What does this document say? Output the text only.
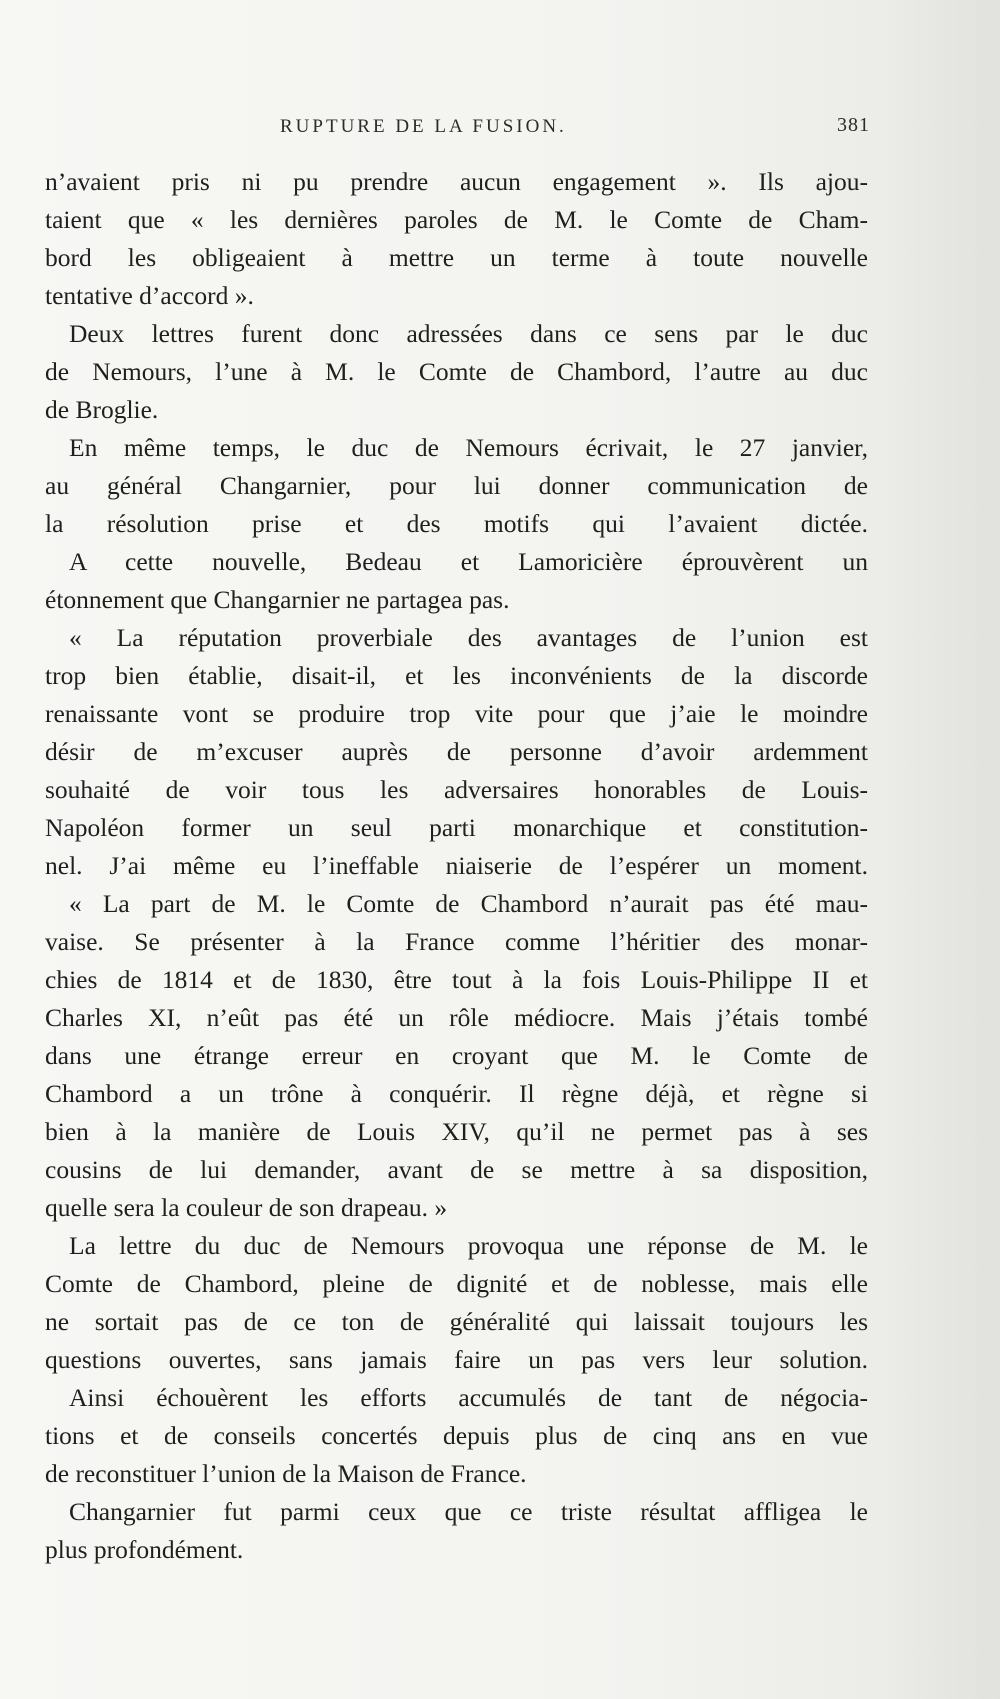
RUPTURE DE LA FUSION.	381
n’avaient pris ni pu prendre aucun engagement ». Ils ajou-
taient que « les dernières paroles de M. le Comte de Cham-
bord les obligeaient à mettre un terme à toute nouvelle
tentative d’accord ».
Deux lettres furent donc adressées dans ce sens par le duc
de Nemours, l’une à M. le Comte de Chambord, l’autre au duc
de Broglie.
En même temps, le duc de Nemours écrivait, le 27 janvier,
au général Changarnier, pour lui donner communication de
la résolution prise et des motifs qui l’avaient dictée.
A cette nouvelle, Bedeau et Lamoricière éprouvèrent un
étonnement que Changarnier ne partagea pas.
« La réputation proverbiale des avantages de l’union est
trop bien établie, disait-il, et les inconvénients de la discorde
renaissante vont se produire trop vite pour que j’aie le moindre
désir de m’excuser auprès de personne d’avoir ardemment
souhaité de voir tous les adversaires honorables de Louis-
Napoléon former un seul parti monarchique et constitution-
nel. J’ai même eu l’ineffable niaiserie de l’espérer un moment.
« La part de M. le Comte de Chambord n’aurait pas été mau-
vaise. Se présenter à la France comme l’héritier des monar-
chies de 1814 et de 1830, être tout à la fois Louis-Philippe II et
Charles XI, n’eût pas été un rôle médiocre. Mais j’étais tombé
dans une étrange erreur en croyant que M. le Comte de
Chambord a un trône à conquérir. Il règne déjà, et règne si
bien à la manière de Louis XIV, qu’il ne permet pas à ses
cousins de lui demander, avant de se mettre à sa disposition,
quelle sera la couleur de son drapeau. »
La lettre du duc de Nemours provoqua une réponse de M. le
Comte de Chambord, pleine de dignité et de noblesse, mais elle
ne sortait pas de ce ton de généralité qui laissait toujours les
questions ouvertes, sans jamais faire un pas vers leur solution.
Ainsi échouèrent les efforts accumulés de tant de négocia-
tions et de conseils concertés depuis plus de cinq ans en vue
de reconstituer l’union de la Maison de France.
Changarnier fut parmi ceux que ce triste résultat affligea le
plus profondément.
